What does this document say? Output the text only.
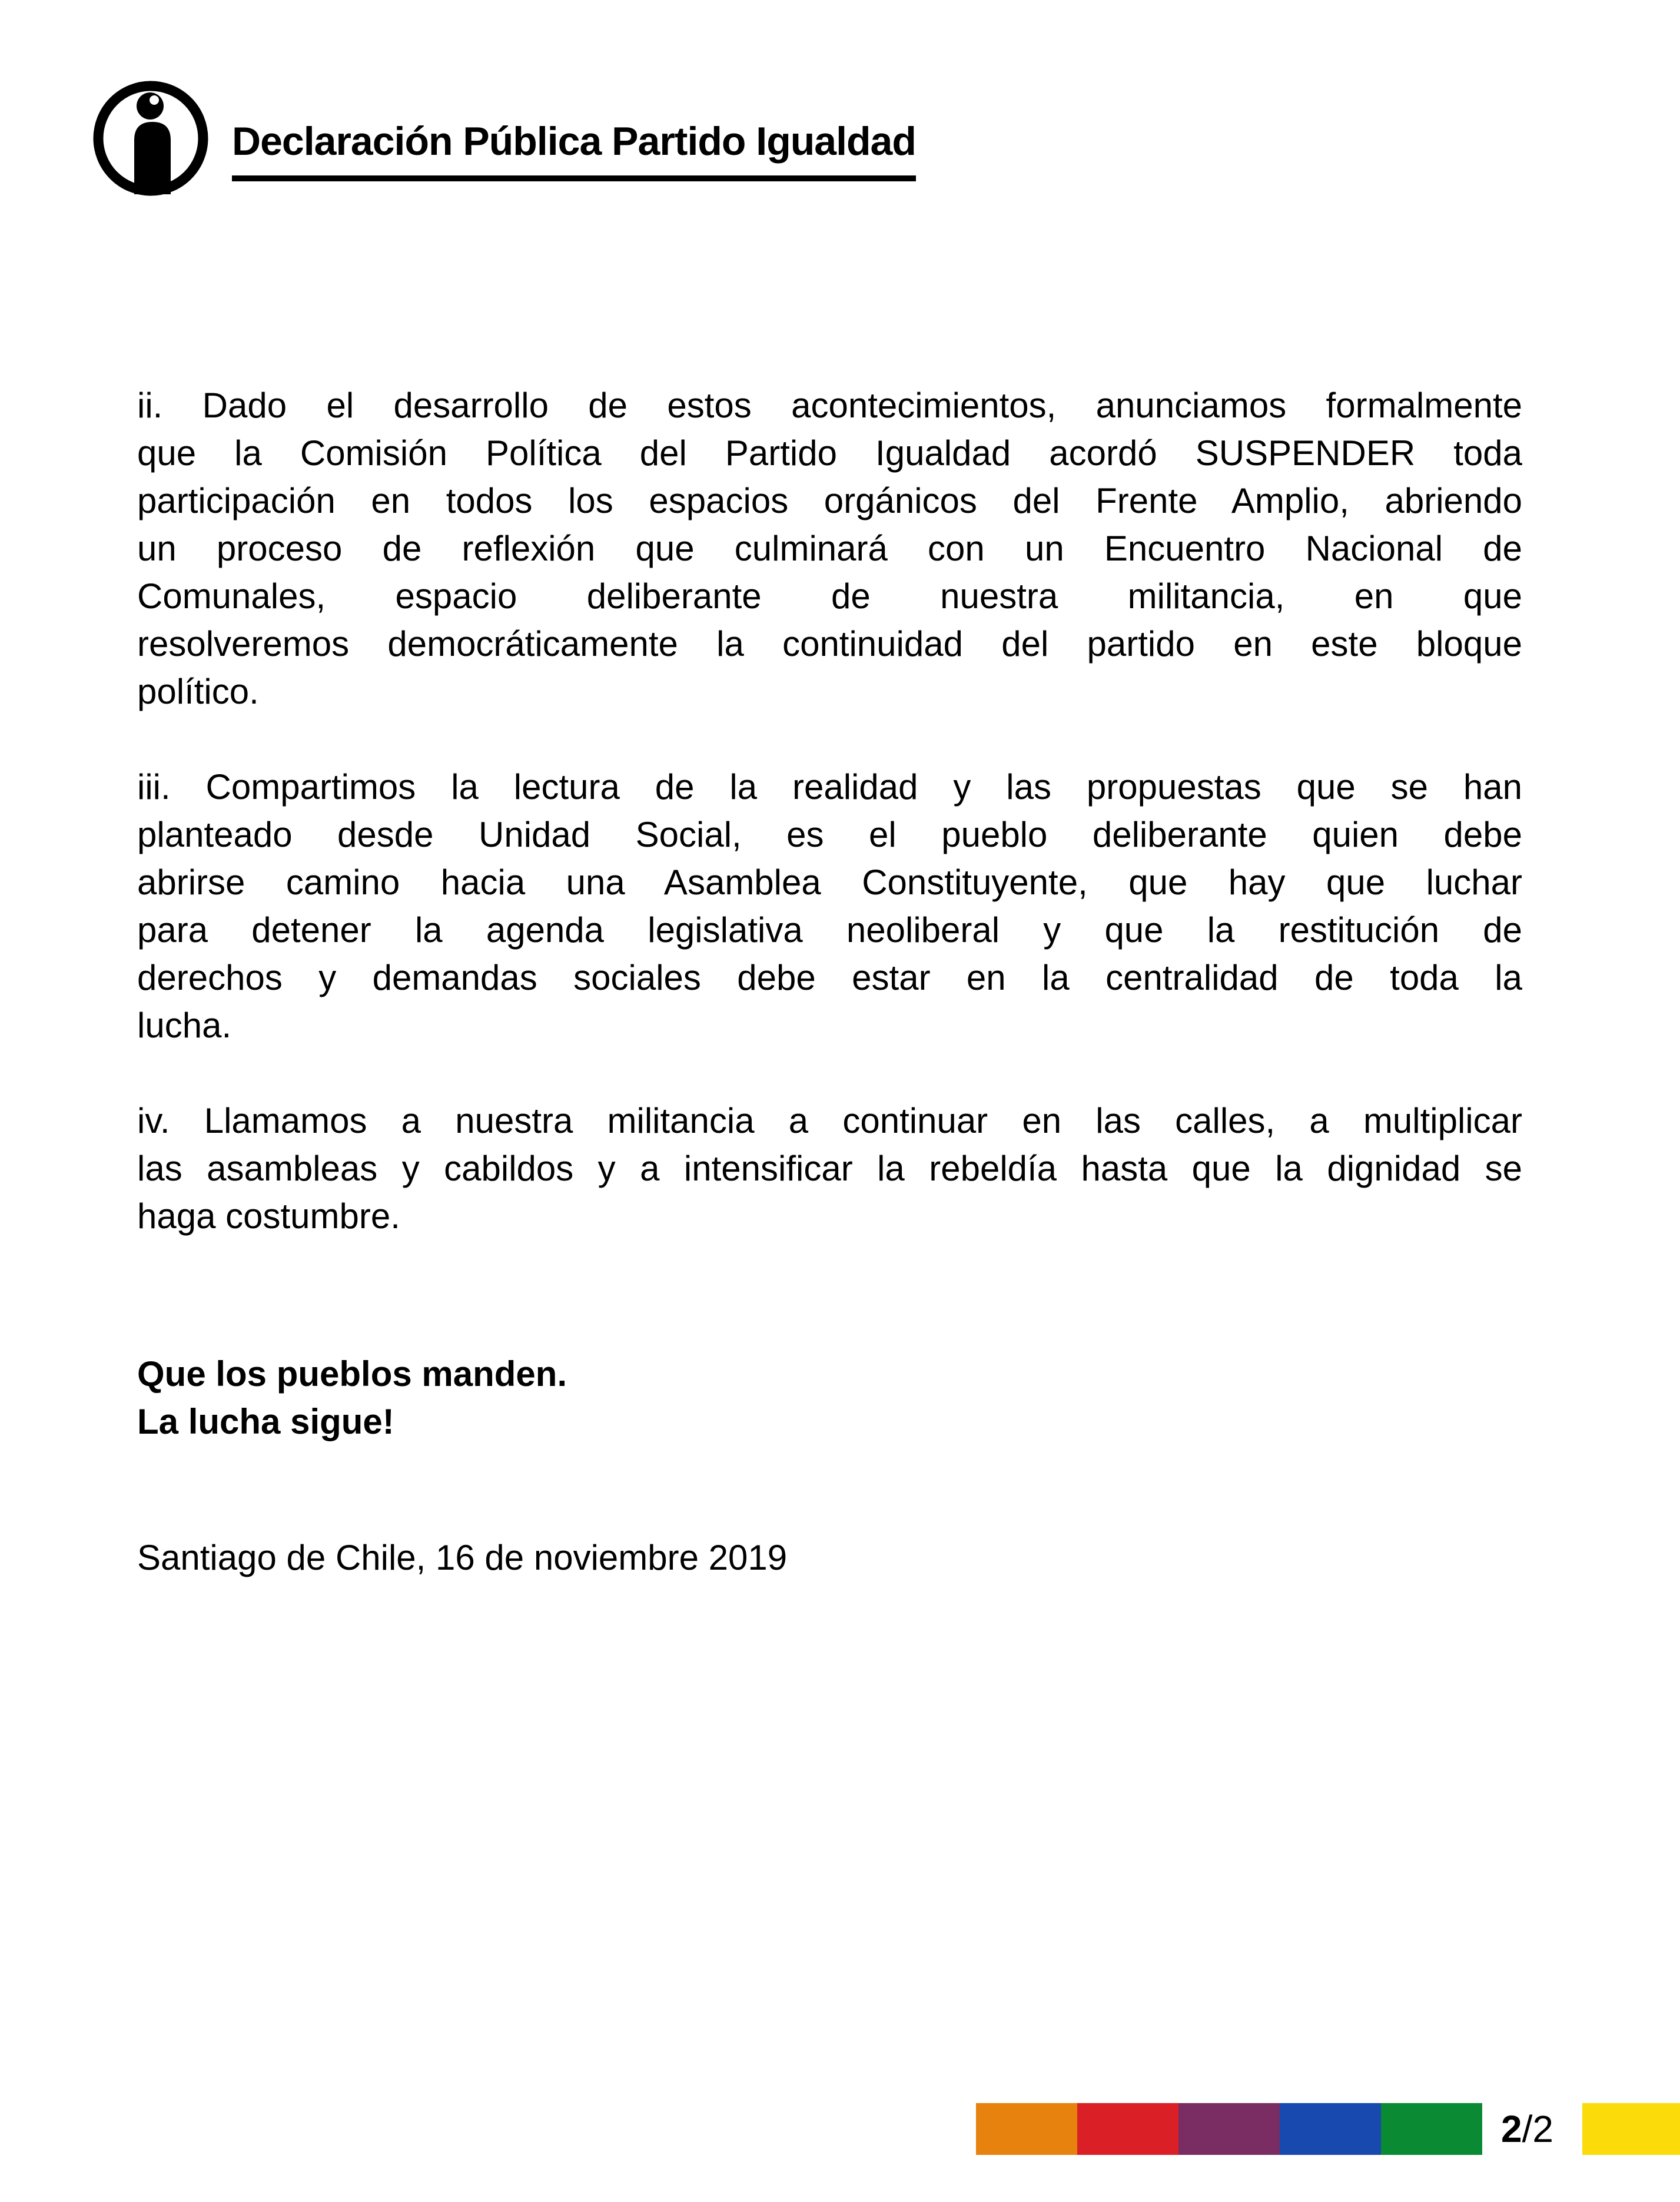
Declaración Pública Partido Igualdad
ii. Dado el desarrollo de estos acontecimientos, anunciamos formalmente
que la Comisión Política del Partido Igualdad acordó SUSPENDER toda
participación en todos los espacios orgánicos del Frente Amplio, abriendo
un proceso de reflexión que culminará con un Encuentro Nacional de
Comunales, espacio deliberante de nuestra militancia, en que
resolveremos democráticamente la continuidad del partido en este bloque
político.
iii. Compartimos la lectura de la realidad y las propuestas que se han
planteado desde Unidad Social, es el pueblo deliberante quien debe
abrirse camino hacia una Asamblea Constituyente, que hay que luchar
para detener la agenda legislativa neoliberal y que la restitución de
derechos y demandas sociales debe estar en la centralidad de toda la
lucha.
iv. Llamamos a nuestra militancia a continuar en las calles, a multiplicar
las asambleas y cabildos y a intensificar la rebeldía hasta que la dignidad se
haga costumbre.
Que los pueblos manden.
La lucha sigue!
Santiago de Chile, 16 de noviembre 2019
2/2
